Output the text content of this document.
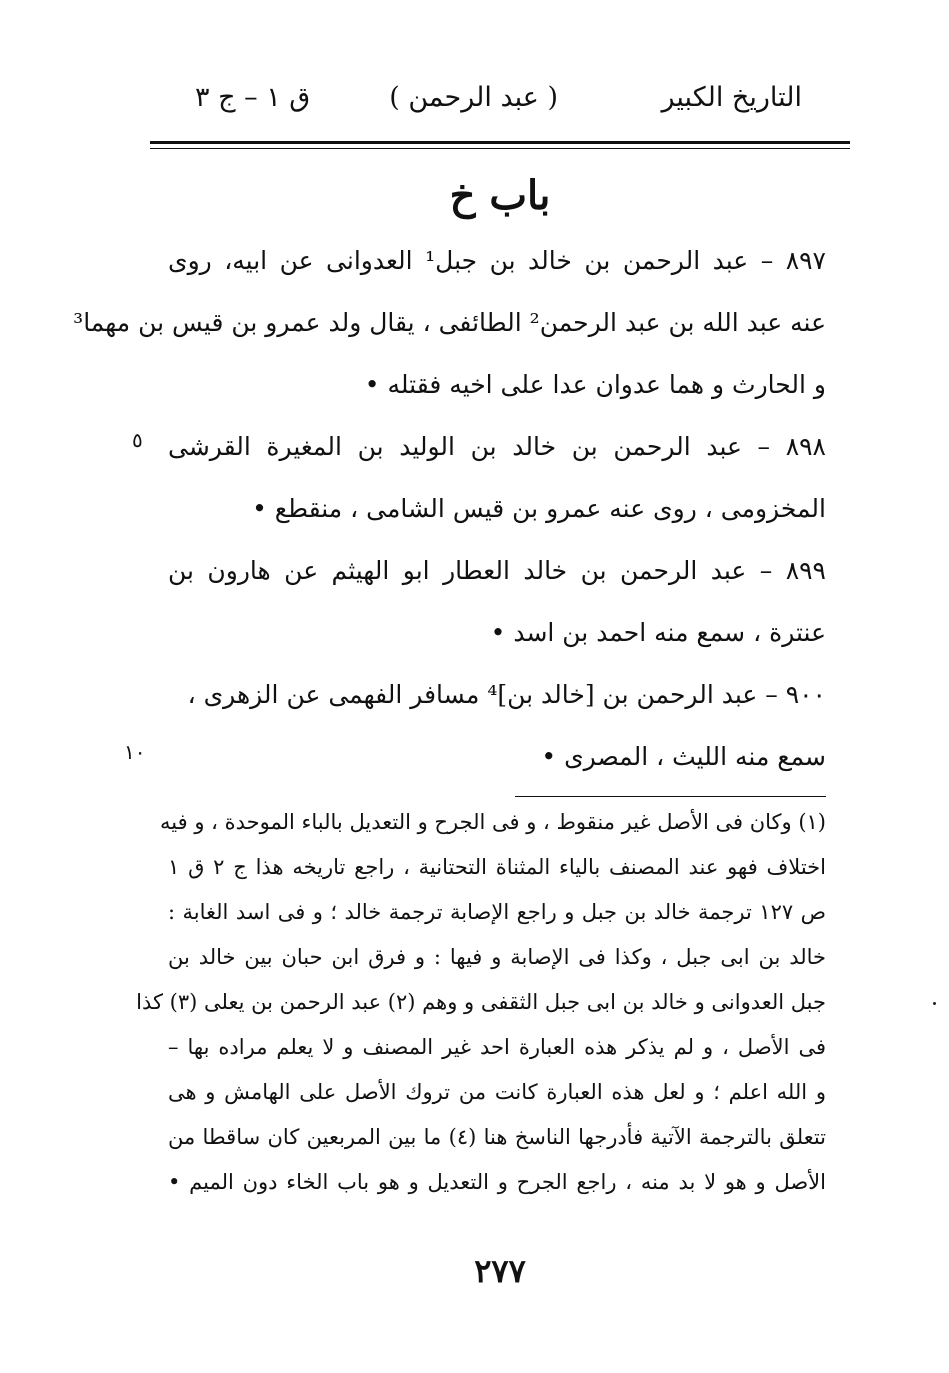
التاريخ الكبير
( عبد الرحمن )
ق ١ – ج ٣
باب خ
٨٩٧ – عبد الرحمن بن خالد بن جبل¹ العدوانى عن ابيه، روى
عنه عبد الله بن عبد الرحمن² الطائفى ، يقال ولد عمرو بن قيس بن مهما³
و الحارث و هما عدوان عدا على اخيه فقتله •
٨٩٨ – عبد الرحمن بن خالد بن الوليد بن المغيرة القرشى
المخزومى ، روى عنه عمرو بن قيس الشامى ، منقطع •
٨٩٩ – عبد الرحمن بن خالد العطار ابو الهيثم عن هارون بن
عنترة ، سمع منه احمد بن اسد •
٩٠٠ – عبد الرحمن بن [خالد بن]⁴ مسافر الفهمى عن الزهرى ،
سمع منه الليث ، المصرى •
٥
١٠
(١) وكان فى الأصل غير منقوط ، و فى الجرح و التعديل بالباء الموحدة ، و فيه
اختلاف فهو عند المصنف بالياء المثناة التحتانية ، راجع تاريخه هذا ج ٢ ق ١
ص ١٢٧ ترجمة خالد بن جبل و راجع الإصابة ترجمة خالد ؛ و فى اسد الغابة :
خالد بن ابى جبل ، وكذا فى الإصابة و فيها : و فرق ابن حبان بين خالد بن
جبل العدوانى و خالد بن ابى جبل الثقفى و وهم (٢) عبد الرحمن بن يعلى (٣) كذا
فى الأصل ، و لم يذكر هذه العبارة احد غير المصنف و لا يعلم مراده بها –
و الله اعلم ؛ و لعل هذه العبارة كانت من تروك الأصل على الهامش و هى
تتعلق بالترجمة الآتية فأدرجها الناسخ هنا (٤) ما بين المربعين كان ساقطا من
الأصل و هو لا بد منه ، راجع الجرح و التعديل و هو باب الخاء دون الميم •
٢٧٧
